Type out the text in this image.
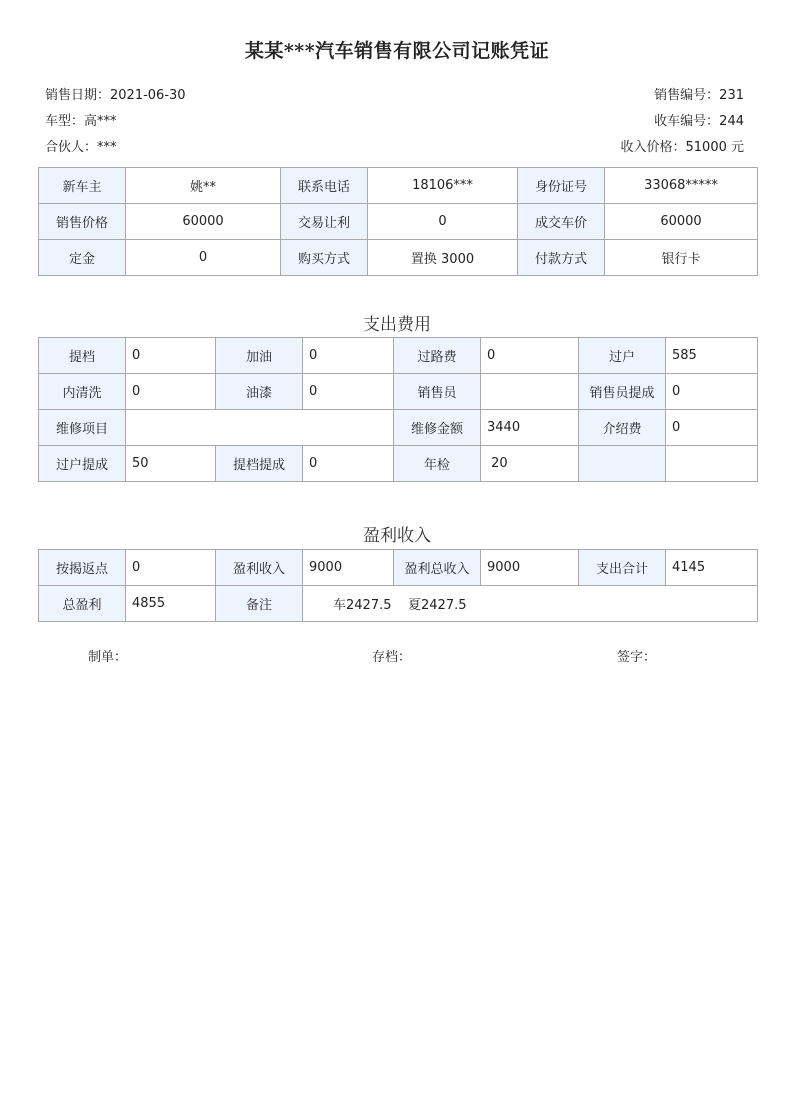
某某***汽车销售有限公司记账凭证
销售日期：2021-06-30
车型：高***
合伙人：***
销售编号：231
收车编号：244
收入价格：51000 元
新车主	姚**	联系电话	18106***	身份证号	33068*****
销售价格	60000	交易让利	0	成交车价	60000
定金	0	购买方式	置换 3000	付款方式	银行卡
支出费用
提档	0	加油	0	过路费	0	过户	585
内清洗	0	油漆	0	销售员		销售员提成	0
维修项目				维修金额	3440	介绍费	0
过户提成	50	提档提成	0	年检	20		
盈利收入
按揭返点	0	盈利收入	9000	盈利总收入	9000	支出合计	4145
总盈利	4855	备注	车2427.5    夏2427.5				
制单：	存档：	签字：
